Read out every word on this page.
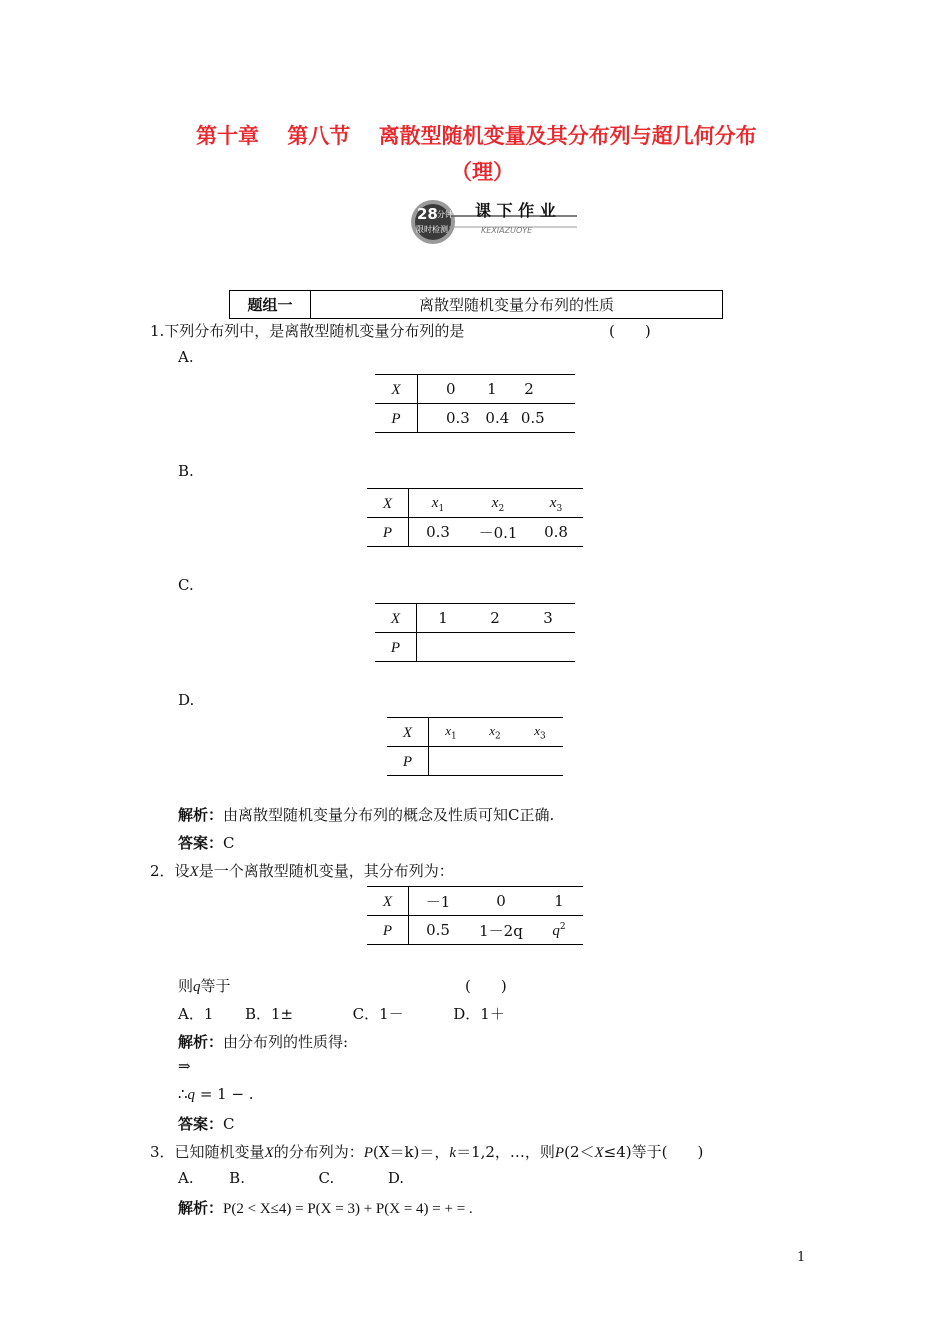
第十章　 第八节　 离散型随机变量及其分布列与超几何分布
（理）
28 分钟
限时检测
课 下 作 业
KEXIAZUOYE
题组一	离散型随机变量分布列的性质
1.下列分布列中，是离散型随机变量分布列的是	(　　)
A.
X	0 1 2
P	0.3 0.4 0.5
B.
X	$x_1$	$x_2$	$x_3$
P	0.3	－0.1	0.8
C.
X	1	2	3
P			
D.
X	$x_1$	$x_2$	$x_3$
P			
解析：由离散型随机变量分布列的概念及性质可知C正确.
答案：C
2．设X是一个离散型随机变量，其分布列为：
X	－1	0	1
P	0.5	1－2q	$q^2$
则q等于	(　　)
A．1 B．1±	C．1－	D．1＋
解析：由分布列的性质得:
⇒
∴q = 1 − .
答案：C
3．已知随机变量X的分布列为：P(X＝k)＝，k＝1,2，…，则P(2＜X≤4)等于(　　)
A. B.	C.	D.
解析：P(2 < X≤4) = P(X = 3) + P(X = 4) = + = .
1
